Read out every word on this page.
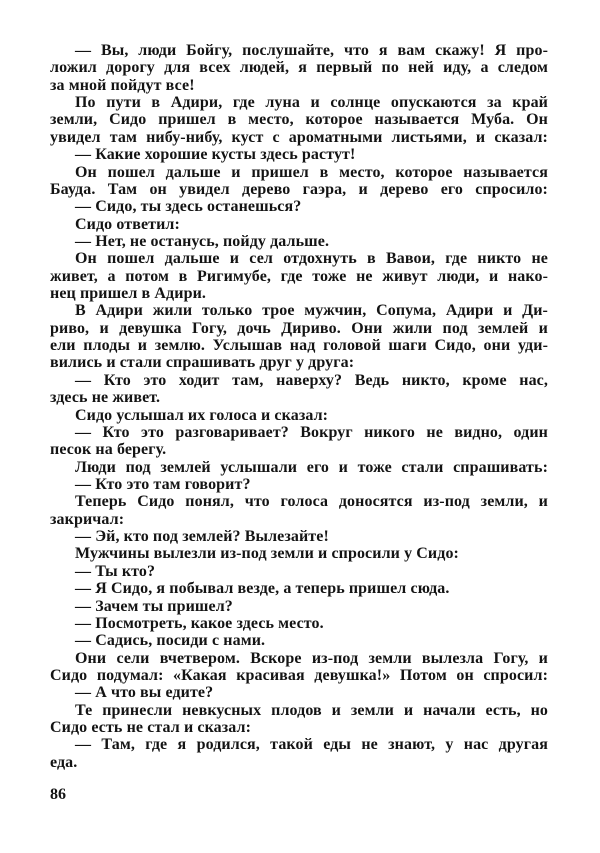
— Вы, люди Бойгу, послушайте, что я вам скажу! Я про-
ложил дорогу для всех людей, я первый по ней иду, а следом
за мной пойдут все!
По пути в Адири, где луна и солнце опускаются за край
земли, Сидо пришел в место, которое называется Муба. Он
увидел там нибу-нибу, куст с ароматными листьями, и сказал:
— Какие хорошие кусты здесь растут!
Он пошел дальше и пришел в место, которое называется
Бауда. Там он увидел дерево гаэра, и дерево его спросило:
— Сидо, ты здесь останешься?
Сидо ответил:
— Нет, не останусь, пойду дальше.
Он пошел дальше и сел отдохнуть в Вавои, где никто не
живет, а потом в Ригимубе, где тоже не живут люди, и нако-
нец пришел в Адири.
В Адири жили только трое мужчин, Сопума, Адири и Ди-
риво, и девушка Гогу, дочь Диривo. Они жили под землей и
ели плоды и землю. Услышав над головой шаги Сидо, они уди-
вились и стали спрашивать друг у друга:
— Кто это ходит там, наверху? Ведь никто, кроме нас,
здесь не живет.
Сидо услышал их голоса и сказал:
— Кто это разговаривает? Вокруг никого не видно, один
песок на берегу.
Люди под землей услышали его и тоже стали спрашивать:
— Кто это там говорит?
Теперь Сидо понял, что голоса доносятся из-под земли, и
закричал:
— Эй, кто под землей? Вылезайте!
Мужчины вылезли из-под земли и спросили у Сидо:
— Ты кто?
— Я Сидо, я побывал везде, а теперь пришел сюда.
— Зачем ты пришел?
— Посмотреть, какое здесь место.
— Садись, посиди с нами.
Они сели вчетвером. Вскоре из-под земли вылезла Гогу, и
Сидо подумал: «Какая красивая девушка!» Потом он спросил:
— А что вы едите?
Те принесли невкусных плодов и земли и начали есть, но
Сидо есть не стал и сказал:
— Там, где я родился, такой еды не знают, у нас другая
еда.
86
